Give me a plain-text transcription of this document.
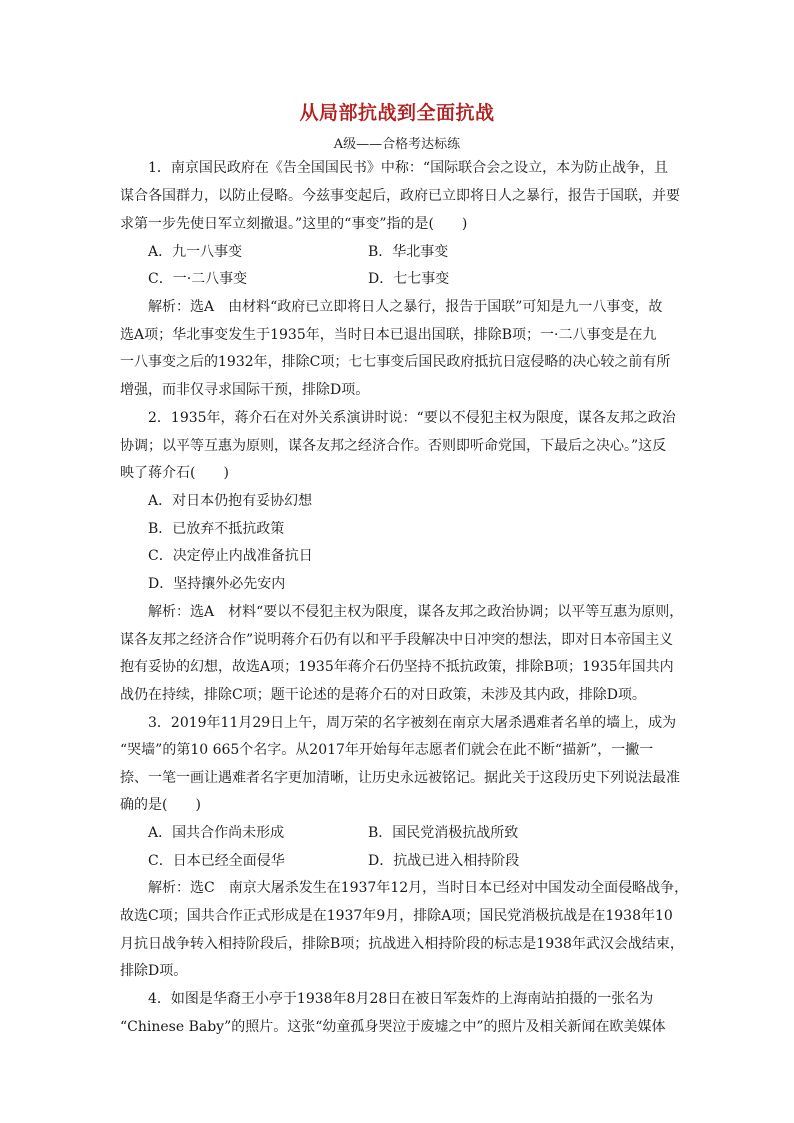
从局部抗战到全面抗战
A级——合格考达标练
1．南京国民政府在《告全国国民书》中称：“国际联合会之设立，本为防止战争，且
谋合各国群力，以防止侵略。今兹事变起后，政府已立即将日人之暴行，报告于国联，并要
求第一步先使日军立刻撤退。”这里的“事变”指的是(　　)
A．九一八事变	B．华北事变
C．一·二八事变	D．七七事变
解析：选A　由材料“政府已立即将日人之暴行，报告于国联”可知是九一八事变，故
选A项；华北事变发生于1935年，当时日本已退出国联，排除B项；一·二八事变是在九
一八事变之后的1932年，排除C项；七七事变后国民政府抵抗日寇侵略的决心较之前有所
增强，而非仅寻求国际干预，排除D项。
2．1935年，蒋介石在对外关系演讲时说：“要以不侵犯主权为限度，谋各友邦之政治
协调；以平等互惠为原则，谋各友邦之经济合作。否则即听命党国，下最后之决心。”这反
映了蒋介石(　　)
A．对日本仍抱有妥协幻想
B．已放弃不抵抗政策
C．决定停止内战准备抗日
D．坚持攘外必先安内
解析：选A　材料“要以不侵犯主权为限度，谋各友邦之政治协调；以平等互惠为原则，
谋各友邦之经济合作”说明蒋介石仍有以和平手段解决中日冲突的想法，即对日本帝国主义
抱有妥协的幻想，故选A项；1935年蒋介石仍坚持不抵抗政策，排除B项；1935年国共内
战仍在持续，排除C项；题干论述的是蒋介石的对日政策，未涉及其内政，排除D项。
3．2019年11月29日上午，周万荣的名字被刻在南京大屠杀遇难者名单的墙上，成为
“哭墙”的第10 665个名字。从2017年开始每年志愿者们就会在此不断“描新”，一撇一
捺、一笔一画让遇难者名字更加清晰，让历史永远被铭记。据此关于这段历史下列说法最准
确的是(　　)
A．国共合作尚未形成	B．国民党消极抗战所致
C．日本已经全面侵华	D．抗战已进入相持阶段
解析：选C　南京大屠杀发生在1937年12月，当时日本已经对中国发动全面侵略战争，
故选C项；国共合作正式形成是在1937年9月，排除A项；国民党消极抗战是在1938年10
月抗日战争转入相持阶段后，排除B项；抗战进入相持阶段的标志是1938年武汉会战结束，
排除D项。
4．如图是华裔王小亭于1938年8月28日在被日军轰炸的上海南站拍摄的一张名为
“Chinese Baby”的照片。这张“幼童孤身哭泣于废墟之中”的照片及相关新闻在欧美媒体
